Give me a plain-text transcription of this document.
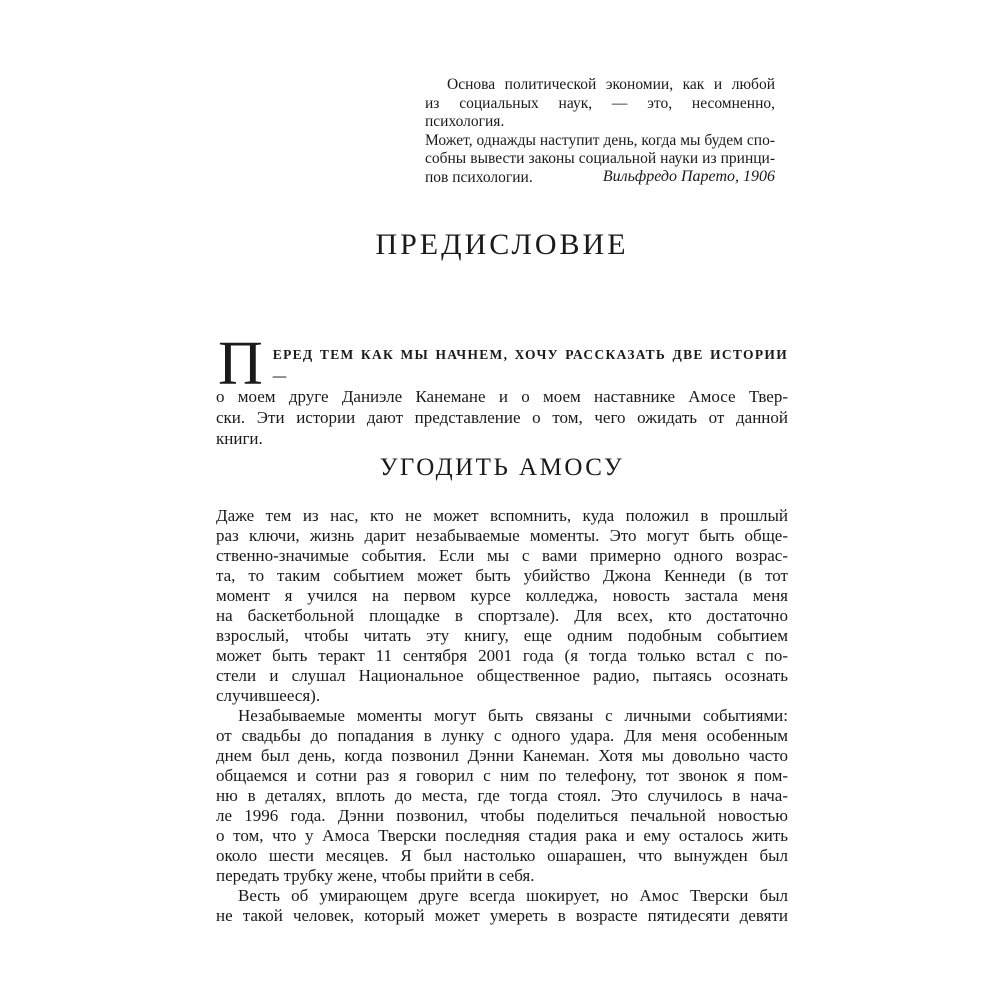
Основа политической экономии, как и любой
из социальных наук, — это, несомненно, психология.
Может, однажды наступит день, когда мы будем спо-
собны вывести законы социальной науки из принци-
пов психологии.	Вильфредо Парето, 1906
ПРЕДИСЛОВИЕ
П ЕРЕД ТЕМ КАК МЫ НАЧНЕМ, ХОЧУ РАССКАЗАТЬ ДВЕ ИСТОРИИ —
о моем друге Даниэле Канемане и о моем наставнике Амосе Твер-
ски. Эти истории дают представление о том, чего ожидать от данной
книги.
УГОДИТЬ АМОСУ
Даже тем из нас, кто не может вспомнить, куда положил в прошлый
раз ключи, жизнь дарит незабываемые моменты. Это могут быть обще-
ственно-значимые события. Если мы с вами примерно одного возрас-
та, то таким событием может быть убийство Джона Кеннеди (в тот
момент я учился на первом курсе колледжа, новость застала меня
на баскетбольной площадке в спортзале). Для всех, кто достаточно
взрослый, чтобы читать эту книгу, еще одним подобным событием
может быть теракт 11 сентября 2001 года (я тогда только встал с по-
стели и слушал Национальное общественное радио, пытаясь осознать
случившееся).
Незабываемые моменты могут быть связаны с личными событиями:
от свадьбы до попадания в лунку с одного удара. Для меня особенным
днем был день, когда позвонил Дэнни Канеман. Хотя мы довольно часто
общаемся и сотни раз я говорил с ним по телефону, тот звонок я пом-
ню в деталях, вплоть до места, где тогда стоял. Это случилось в нача-
ле 1996 года. Дэнни позвонил, чтобы поделиться печальной новостью
о том, что у Амоса Тверски последняя стадия рака и ему осталось жить
около шести месяцев. Я был настолько ошарашен, что вынужден был
передать трубку жене, чтобы прийти в себя.
Весть об умирающем друге всегда шокирует, но Амос Тверски был
не такой человек, который может умереть в возрасте пятидесяти девяти
